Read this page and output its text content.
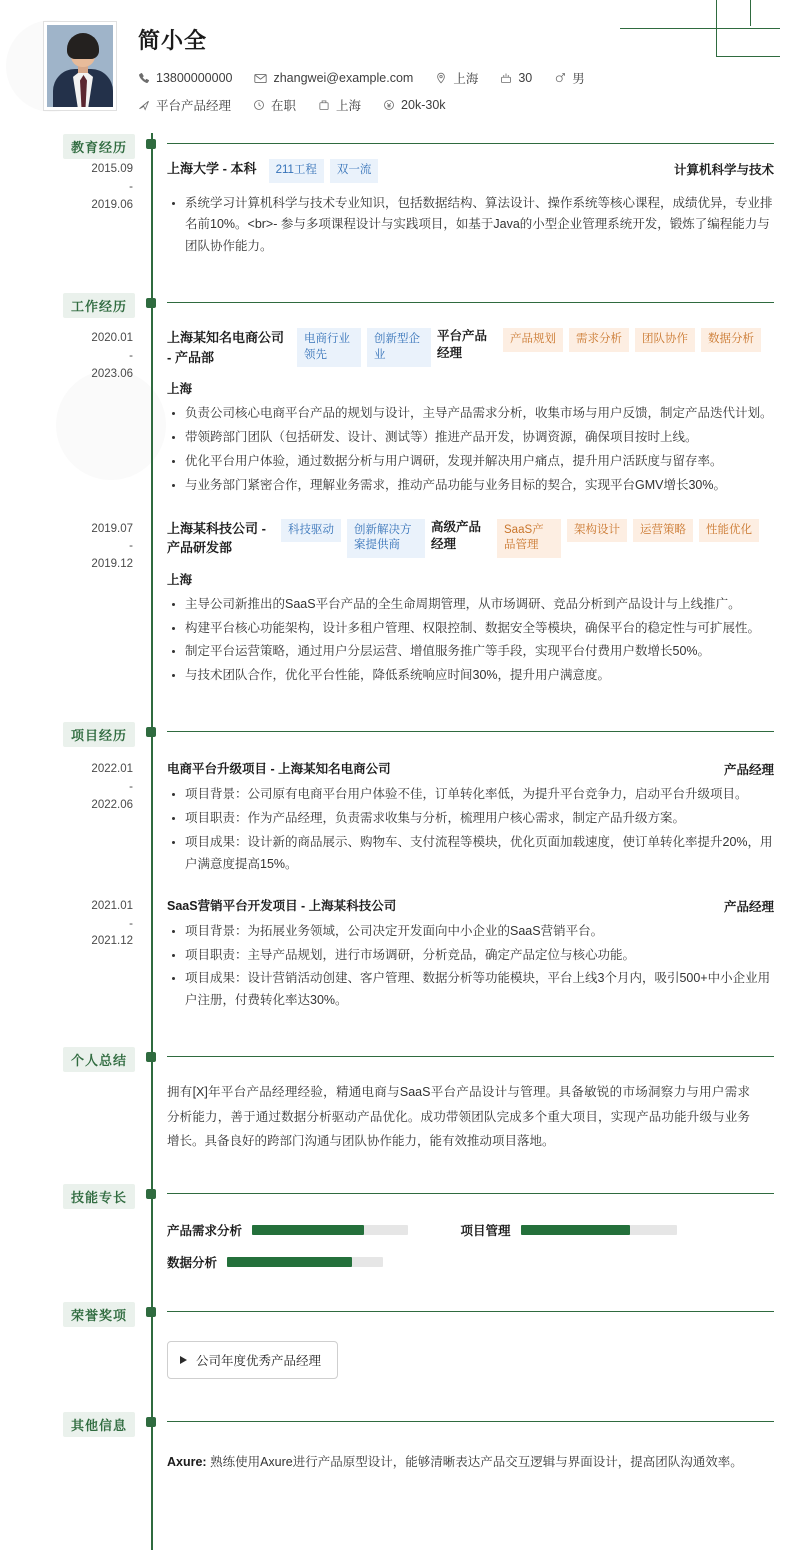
简小全
13800000000	zhangwei@example.com	上海	30	男
平台产品经理	在职	上海	20k-30k
教育经历
2015.09
-
2019.06
上海大学 - 本科	211工程	双一流	计算机科学与技术
系统学习计算机科学与技术专业知识，包括数据结构、算法设计、操作系统等核心课程，成绩优异，专业排名前10%。<br>- 参与多项课程设计与实践项目，如基于Java的小型企业管理系统开发，锻炼了编程能力与团队协作能力。
工作经历
2020.01
-
2023.06
上海某知名电商公司 - 产品部
电商行业领先
创新型企业
平台产品经理
产品规划	需求分析	团队协作	数据分析
上海
负责公司核心电商平台产品的规划与设计，主导产品需求分析，收集市场与用户反馈，制定产品迭代计划。
带领跨部门团队（包括研发、设计、测试等）推进产品开发，协调资源，确保项目按时上线。
优化平台用户体验，通过数据分析与用户调研，发现并解决用户痛点，提升用户活跃度与留存率。
与业务部门紧密合作，理解业务需求，推动产品功能与业务目标的契合，实现平台GMV增长30%。
2019.07
-
2019.12
上海某科技公司 - 产品研发部
科技驱动	创新解决方案提供商
高级产品经理
SaaS产品管理
架构设计	运营策略	性能优化
上海
主导公司新推出的SaaS平台产品的全生命周期管理，从市场调研、竞品分析到产品设计与上线推广。
构建平台核心功能架构，设计多租户管理、权限控制、数据安全等模块，确保平台的稳定性与可扩展性。
制定平台运营策略，通过用户分层运营、增值服务推广等手段，实现平台付费用户数增长50%。
与技术团队合作，优化平台性能，降低系统响应时间30%，提升用户满意度。
项目经历
2022.01
-
2022.06
电商平台升级项目 - 上海某知名电商公司	产品经理
项目背景：公司原有电商平台用户体验不佳，订单转化率低，为提升平台竞争力，启动平台升级项目。
项目职责：作为产品经理，负责需求收集与分析，梳理用户核心需求，制定产品升级方案。
项目成果：设计新的商品展示、购物车、支付流程等模块，优化页面加载速度，使订单转化率提升20%，用户满意度提高15%。
2021.01
-
2021.12
SaaS营销平台开发项目 - 上海某科技公司	产品经理
项目背景：为拓展业务领域，公司决定开发面向中小企业的SaaS营销平台。
项目职责：主导产品规划，进行市场调研，分析竞品，确定产品定位与核心功能。
项目成果：设计营销活动创建、客户管理、数据分析等功能模块，平台上线3个月内，吸引500+中小企业用户注册，付费转化率达30%。
个人总结
拥有[X]年平台产品经理经验，精通电商与SaaS平台产品设计与管理。具备敏锐的市场洞察力与用户需求分析能力，善于通过数据分析驱动产品优化。成功带领团队完成多个重大项目，实现产品功能升级与业务增长。具备良好的跨部门沟通与团队协作能力，能有效推动项目落地。
技能专长
产品需求分析	项目管理
数据分析
荣誉奖项
公司年度优秀产品经理
其他信息
Axure: 熟练使用Axure进行产品原型设计，能够清晰表达产品交互逻辑与界面设计，提高团队沟通效率。
